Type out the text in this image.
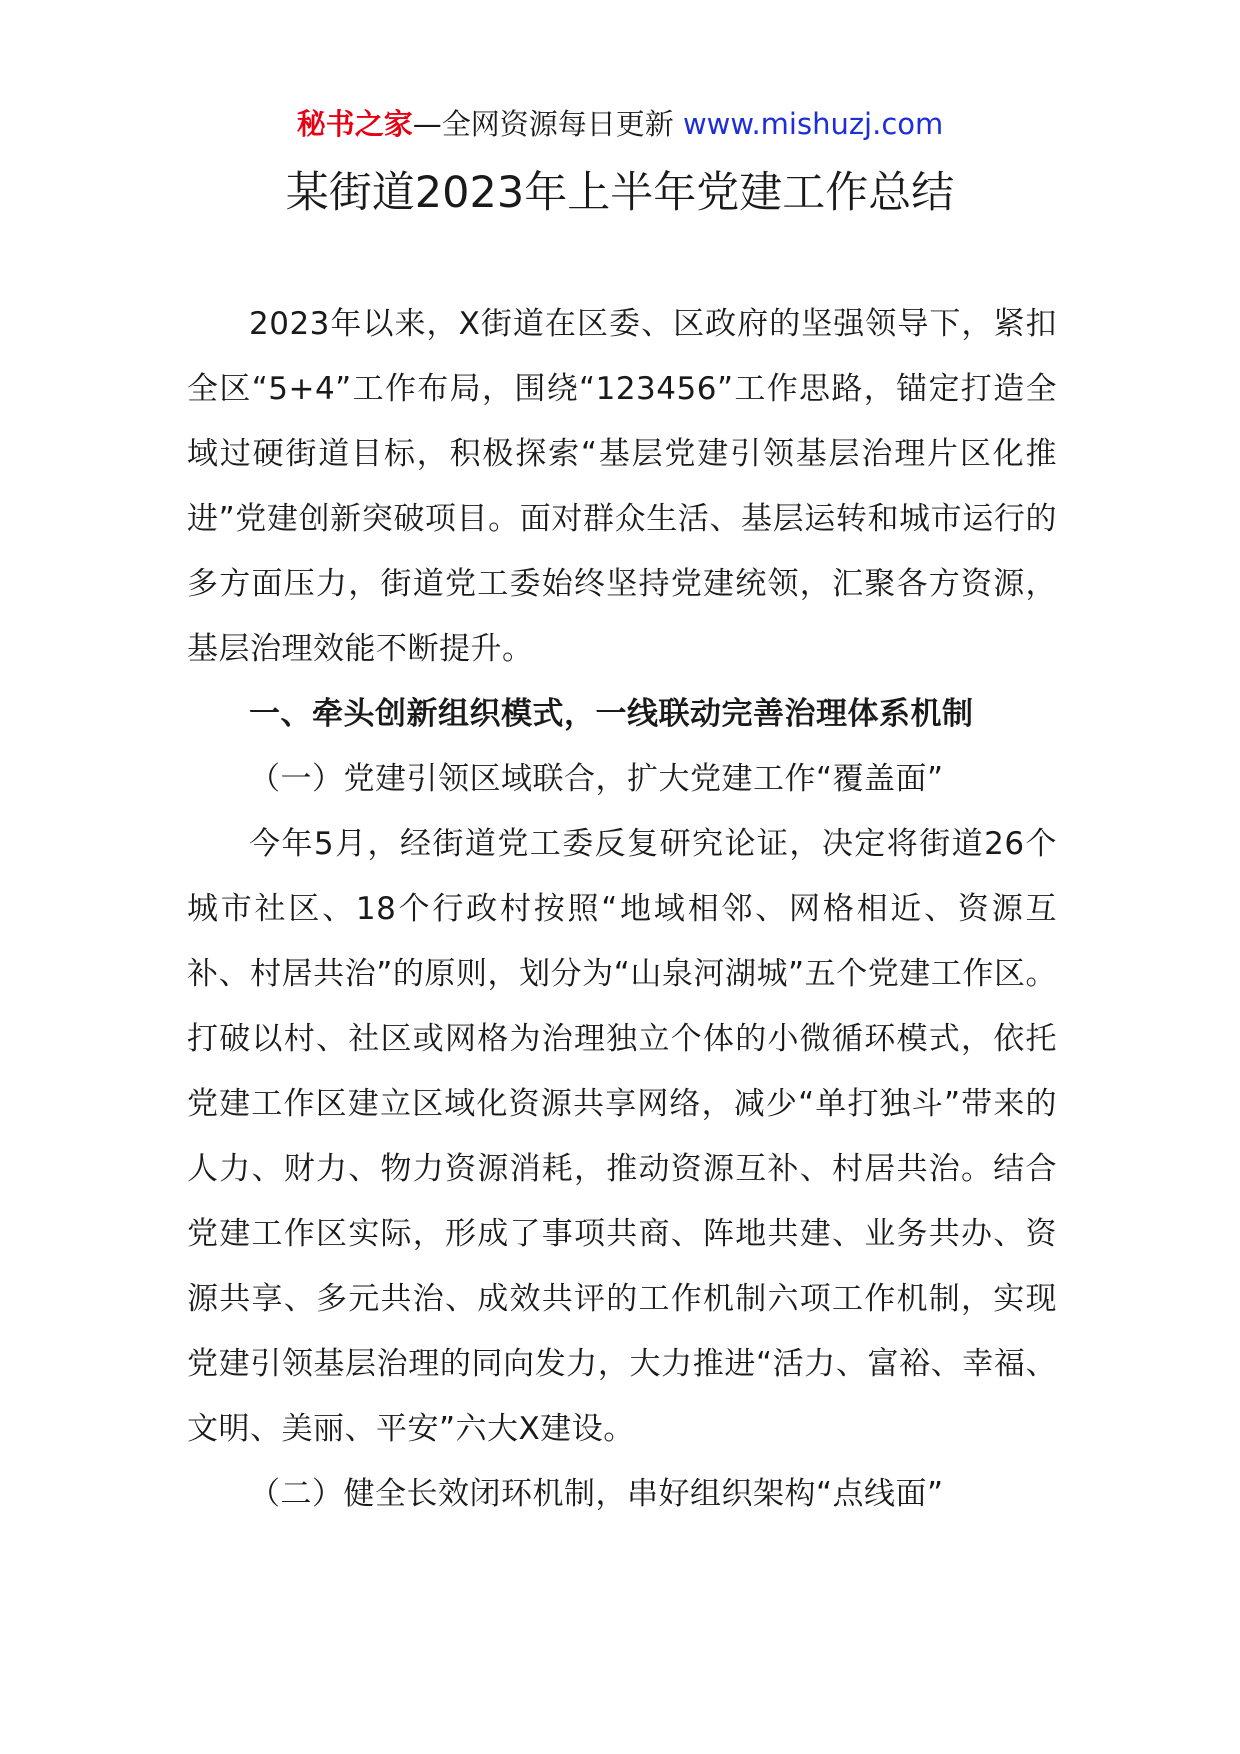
秘书之家—全网资源每日更新 www.mishuzj.com
某街道2023年上半年党建工作总结

2023年以来，X街道在区委、区政府的坚强领导下，紧扣全区“5+4”工作布局，围绕“123456”工作思路，锚定打造全域过硬街道目标，积极探索“基层党建引领基层治理片区化推进”党建创新突破项目。面对群众生活、基层运转和城市运行的多方面压力，街道党工委始终坚持党建统领，汇聚各方资源，基层治理效能不断提升。

一、牵头创新组织模式，一线联动完善治理体系机制

（一）党建引领区域联合，扩大党建工作“覆盖面”

今年5月，经街道党工委反复研究论证，决定将街道26个城市社区、18个行政村按照“地域相邻、网格相近、资源互补、村居共治”的原则，划分为“山泉河湖城”五个党建工作区。打破以村、社区或网格为治理独立个体的小微循环模式，依托党建工作区建立区域化资源共享网络，减少“单打独斗”带来的人力、财力、物力资源消耗，推动资源互补、村居共治。结合党建工作区实际，形成了事项共商、阵地共建、业务共办、资源共享、多元共治、成效共评的工作机制六项工作机制，实现党建引领基层治理的同向发力，大力推进“活力、富裕、幸福、文明、美丽、平安”六大X建设。

（二）健全长效闭环机制，串好组织架构“点线面”
